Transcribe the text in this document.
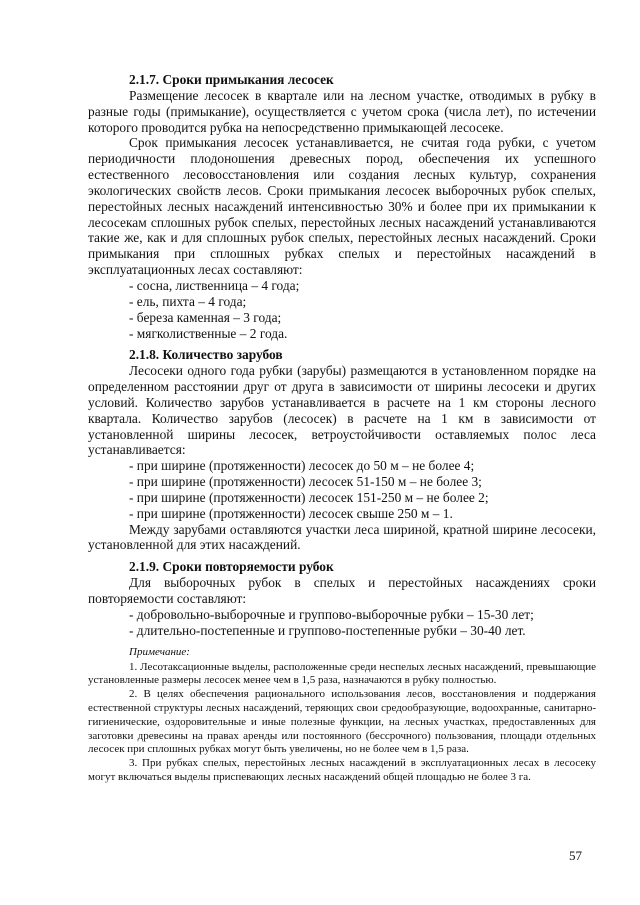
2.1.7. Сроки примыкания лесосек

Размещение лесосек в квартале или на лесном участке, отводимых в рубку в разные годы (примыкание), осуществляется с учетом срока (числа лет), по истечении которого проводится рубка на непосредственно примыкающей лесосеке.

Срок примыкания лесосек устанавливается, не считая года рубки, с учетом периодичности плодоношения древесных пород, обеспечения их успешного естественного лесовосстановления или создания лесных культур, сохранения экологических свойств лесов. Сроки примыкания лесосек выборочных рубок спелых, перестойных лесных насаждений интенсивностью 30% и более при их примыкании к лесосекам сплошных рубок спелых, перестойных лесных насаждений устанавливаются такие же, как и для сплошных рубок спелых, перестойных лесных насаждений. Сроки примыкания при сплошных рубках спелых и перестойных насаждений в эксплуатационных лесах составляют:

- сосна, лиственница – 4 года;

- ель, пихта – 4 года;

- береза каменная – 3 года;

- мягколиственные – 2 года.

2.1.8. Количество зарубов

Лесосеки одного года рубки (зарубы) размещаются в установленном порядке на определенном расстоянии друг от друга в зависимости от ширины лесосеки и других условий. Количество зарубов устанавливается в расчете на 1 км стороны лесного квартала. Количество зарубов (лесосек) в расчете на 1 км в зависимости от установленной ширины лесосек, ветроустойчивости оставляемых полос леса устанавливается:

- при ширине (протяженности) лесосек до 50 м – не более 4;

- при ширине (протяженности) лесосек 51-150 м – не более 3;

- при ширине (протяженности) лесосек 151-250 м – не более 2;

- при ширине (протяженности) лесосек свыше 250 м – 1.

Между зарубами оставляются участки леса шириной, кратной ширине лесосеки, установленной для этих насаждений.

2.1.9. Сроки повторяемости рубок

Для выборочных рубок в спелых и перестойных насаждениях сроки повторяемости составляют:

- добровольно-выборочные и группово-выборочные рубки – 15-30 лет;

- длительно-постепенные и группово-постепенные рубки – 30-40 лет.

Примечание:

1. Лесотаксационные выделы, расположенные среди неспелых лесных насаждений, превышающие установленные размеры лесосек менее чем в 1,5 раза, назначаются в рубку полностью.

2. В целях обеспечения рационального использования лесов, восстановления и поддержания естественной структуры лесных насаждений, теряющих свои средообразующие, водоохранные, санитарно-гигиенические, оздоровительные и иные полезные функции, на лесных участках, предоставленных для заготовки древесины на правах аренды или постоянного (бессрочного) пользования, площади отдельных лесосек при сплошных рубках могут быть увеличены, но не более чем в 1,5 раза.

3. При рубках спелых, перестойных лесных насаждений в эксплуатационных лесах в лесосеку могут включаться выделы приспевающих лесных насаждений общей площадью не более 3 га.

57
